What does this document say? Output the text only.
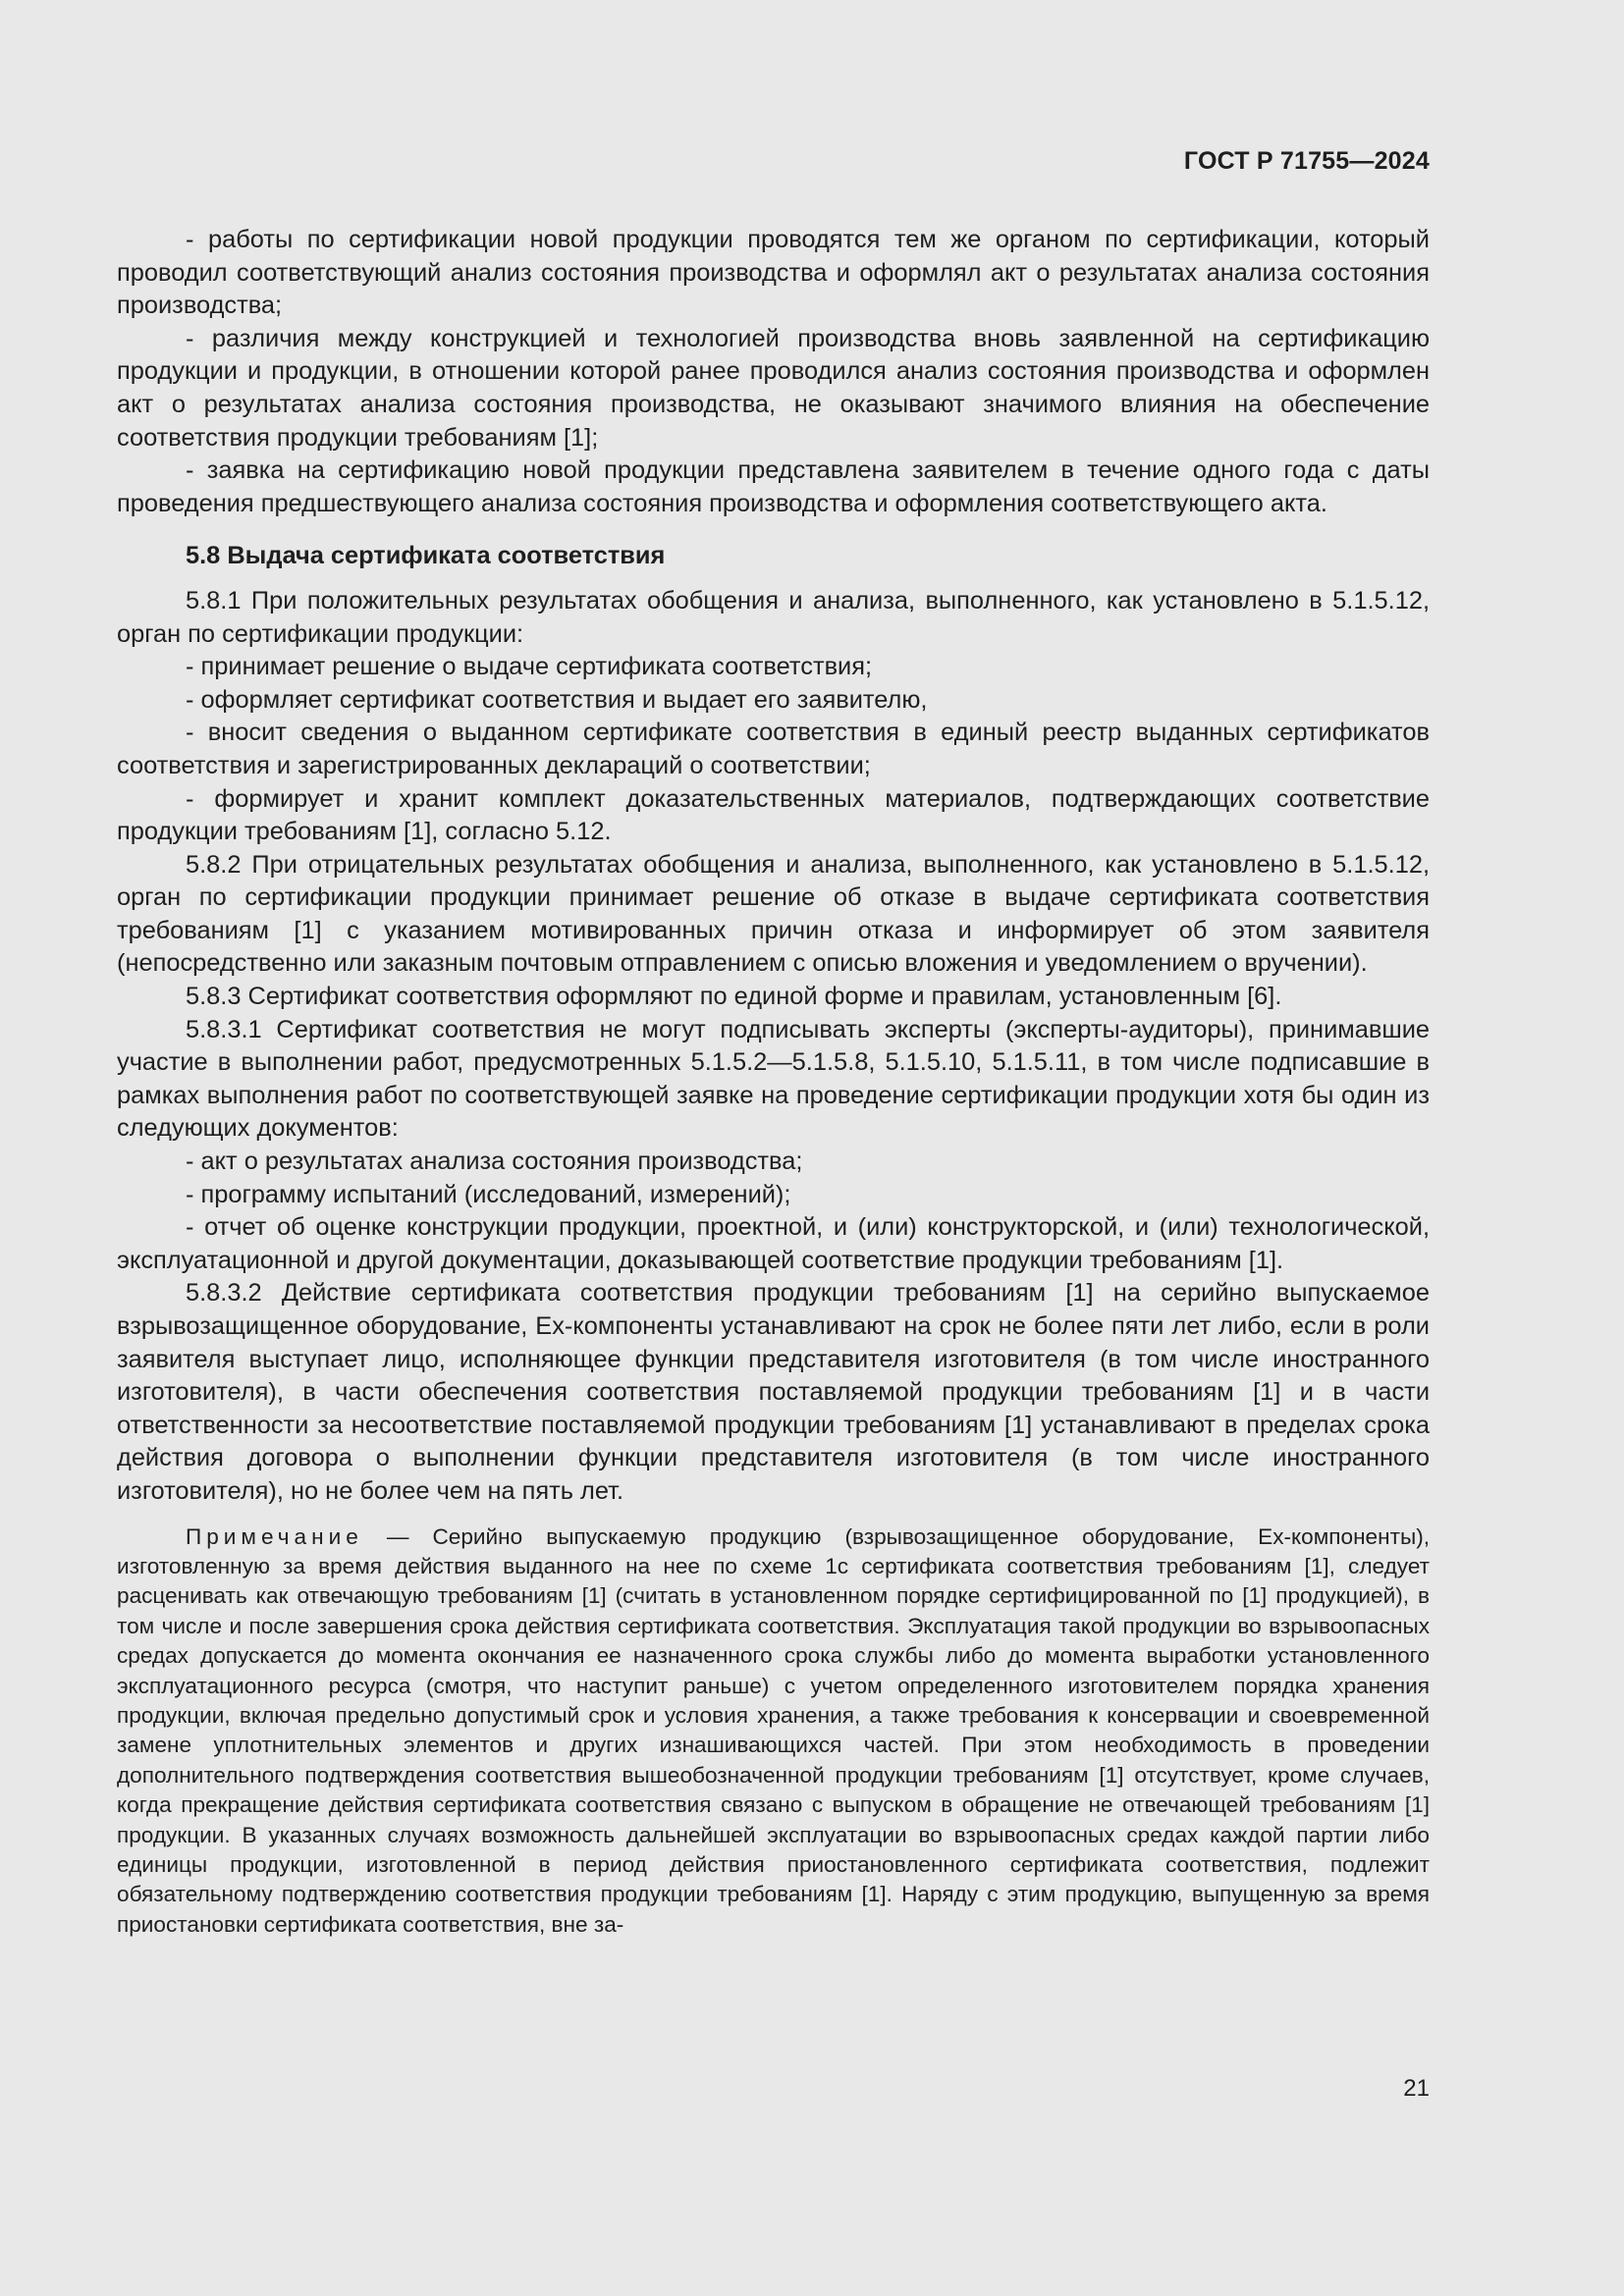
ГОСТ Р 71755—2024

- работы по сертификации новой продукции проводятся тем же органом по сертификации, который проводил соответствующий анализ состояния производства и оформлял акт о результатах анализа состояния производства;

- различия между конструкцией и технологией производства вновь заявленной на сертификацию продукции и продукции, в отношении которой ранее проводился анализ состояния производства и оформлен акт о результатах анализа состояния производства, не оказывают значимого влияния на обеспечение соответствия продукции требованиям [1];

- заявка на сертификацию новой продукции представлена заявителем в течение одного года с даты проведения предшествующего анализа состояния производства и оформления соответствующего акта.

5.8 Выдача сертификата соответствия

5.8.1 При положительных результатах обобщения и анализа, выполненного, как установлено в 5.1.5.12, орган по сертификации продукции:

- принимает решение о выдаче сертификата соответствия;

- оформляет сертификат соответствия и выдает его заявителю,

- вносит сведения о выданном сертификате соответствия в единый реестр выданных сертификатов соответствия и зарегистрированных деклараций о соответствии;

- формирует и хранит комплект доказательственных материалов, подтверждающих соответствие продукции требованиям [1], согласно 5.12.

5.8.2 При отрицательных результатах обобщения и анализа, выполненного, как установлено в 5.1.5.12, орган по сертификации продукции принимает решение об отказе в выдаче сертификата соответствия требованиям [1] с указанием мотивированных причин отказа и информирует об этом заявителя (непосредственно или заказным почтовым отправлением с описью вложения и уведомлением о вручении).

5.8.3 Сертификат соответствия оформляют по единой форме и правилам, установленным [6].

5.8.3.1 Сертификат соответствия не могут подписывать эксперты (эксперты-аудиторы), принимавшие участие в выполнении работ, предусмотренных 5.1.5.2—5.1.5.8, 5.1.5.10, 5.1.5.11, в том числе подписавшие в рамках выполнения работ по соответствующей заявке на проведение сертификации продукции хотя бы один из следующих документов:

- акт о результатах анализа состояния производства;

- программу испытаний (исследований, измерений);

- отчет об оценке конструкции продукции, проектной, и (или) конструкторской, и (или) технологической, эксплуатационной и другой документации, доказывающей соответствие продукции требованиям [1].

5.8.3.2 Действие сертификата соответствия продукции требованиям [1] на серийно выпускаемое взрывозащищенное оборудование, Ex-компоненты устанавливают на срок не более пяти лет либо, если в роли заявителя выступает лицо, исполняющее функции представителя изготовителя (в том числе иностранного изготовителя), в части обеспечения соответствия поставляемой продукции требованиям [1] и в части ответственности за несоответствие поставляемой продукции требованиям [1] устанавливают в пределах срока действия договора о выполнении функции представителя изготовителя (в том числе иностранного изготовителя), но не более чем на пять лет.

Примечание — Серийно выпускаемую продукцию (взрывозащищенное оборудование, Ex-компоненты), изготовленную за время действия выданного на нее по схеме 1с сертификата соответствия требованиям [1], следует расценивать как отвечающую требованиям [1] (считать в установленном порядке сертифицированной по [1] продукцией), в том числе и после завершения срока действия сертификата соответствия. Эксплуатация такой продукции во взрывоопасных средах допускается до момента окончания ее назначенного срока службы либо до момента выработки установленного эксплуатационного ресурса (смотря, что наступит раньше) с учетом определенного изготовителем порядка хранения продукции, включая предельно допустимый срок и условия хранения, а также требования к консервации и своевременной замене уплотнительных элементов и других изнашивающихся частей. При этом необходимость в проведении дополнительного подтверждения соответствия вышеобозначенной продукции требованиям [1] отсутствует, кроме случаев, когда прекращение действия сертификата соответствия связано с выпуском в обращение не отвечающей требованиям [1] продукции. В указанных случаях возможность дальнейшей эксплуатации во взрывоопасных средах каждой партии либо единицы продукции, изготовленной в период действия приостановленного сертификата соответствия, подлежит обязательному подтверждению соответствия продукции требованиям [1]. Наряду с этим продукцию, выпущенную за время приостановки сертификата соответствия, вне за-

21
